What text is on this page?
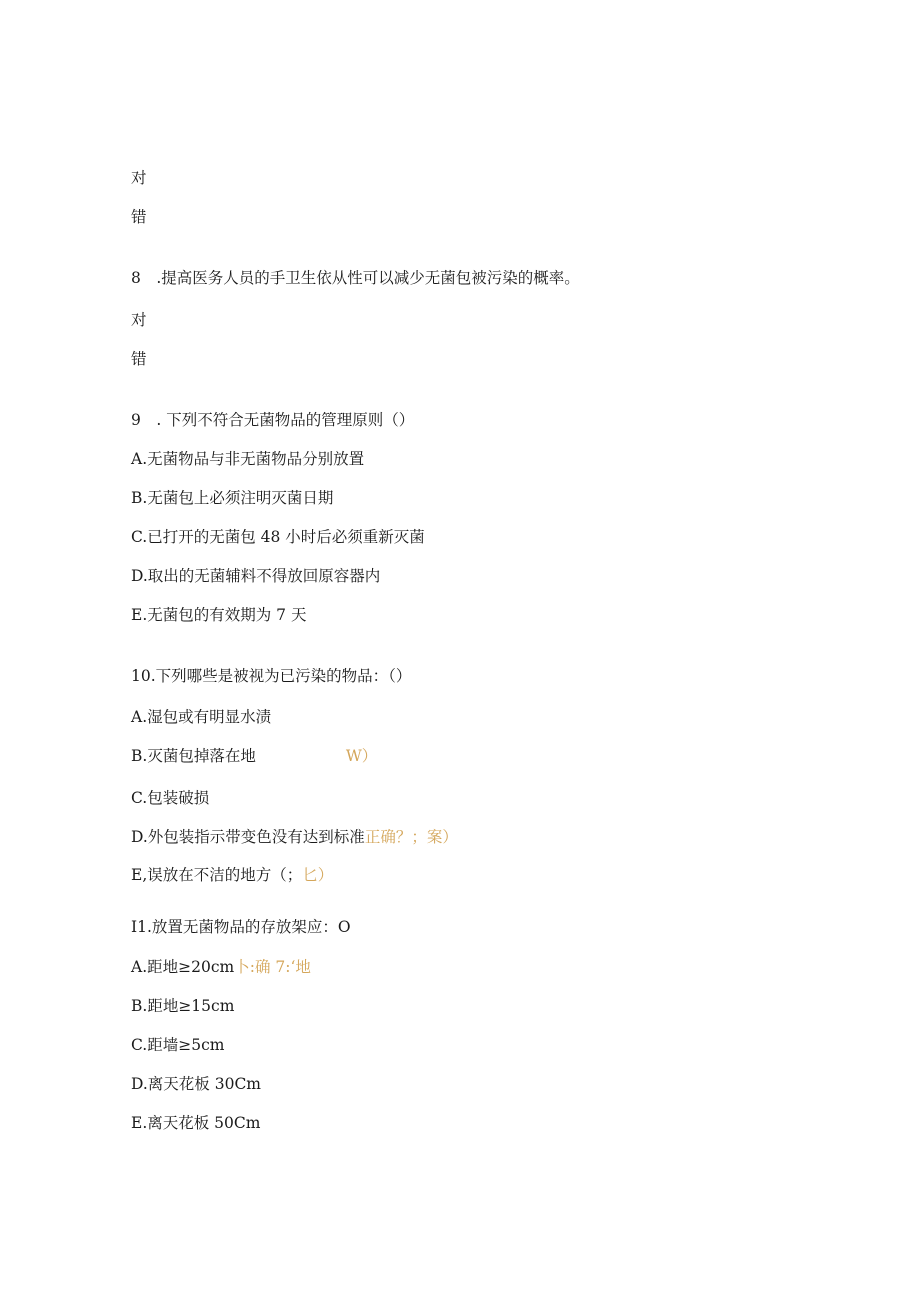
对
错
8　.提高医务人员的手卫生依从性可以减少无菌包被污染的概率。
对
错
9　. 下列不符合无菌物品的管理原则（）
A.无菌物品与非无菌物品分别放置
B.无菌包上必须注明灭菌日期
C.已打开的无菌包 48 小时后必须重新灭菌
D.取出的无菌辅料不得放回原容器内
E.无菌包的有效期为 7 天
10.下列哪些是被视为已污染的物品：（）
A.湿包或有明显水渍
B.灭菌包掉落在地	W）
C.包装破损
D.外包装指示带变色没有达到标准正确？；案）
E,误放在不洁的地方（；匕）
I1.放置无菌物品的存放架应：O
A.距地≥20cm卜:确 7:‘地
B.距地≥15cm
C.距墙≥5cm
D.离天花板 30Cm
E.离天花板 50Cm
